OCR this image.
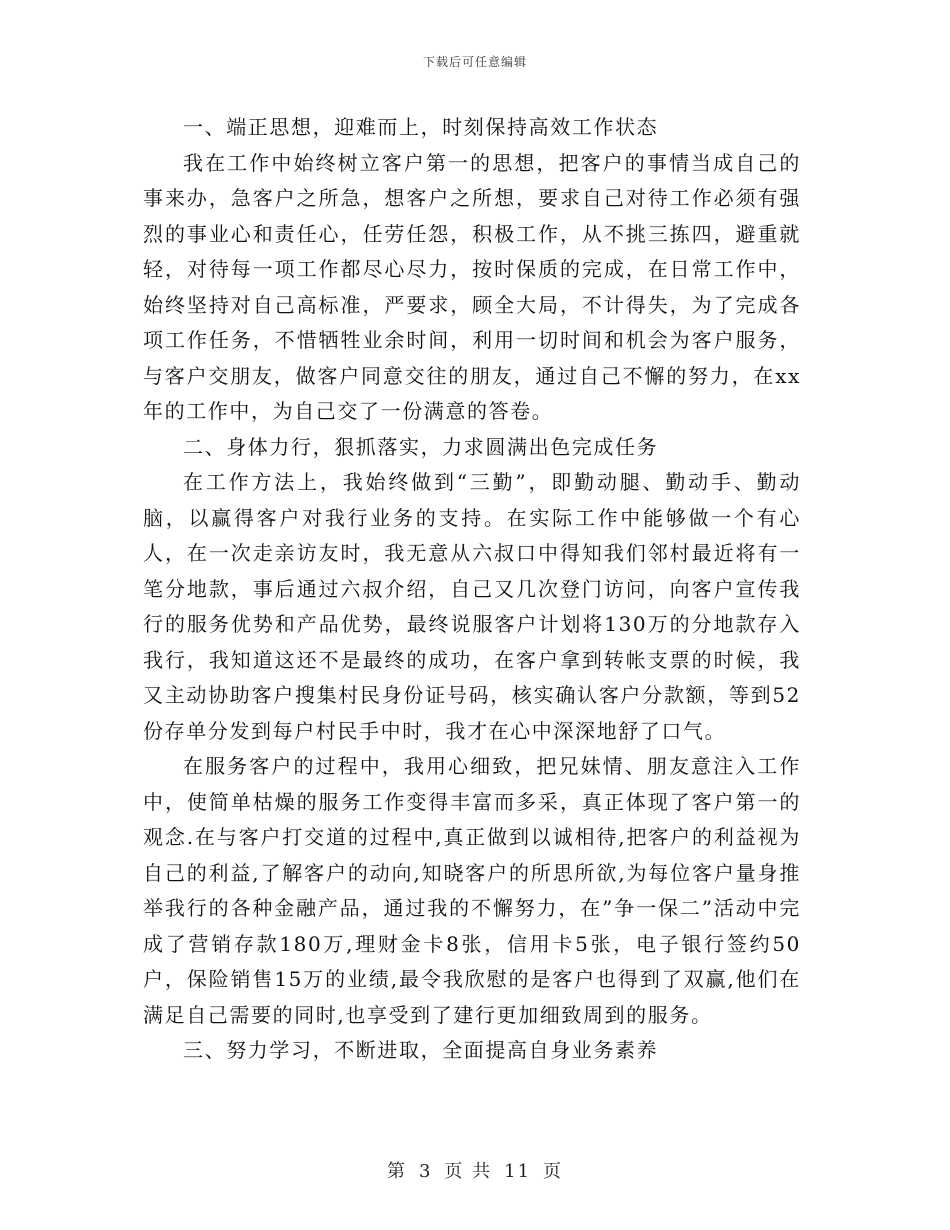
下载后可任意编辑

一、端正思想，迎难而上，时刻保持高效工作状态

我在工作中始终树立客户第一的思想，把客户的事情当成自己的事来办，急客户之所急，想客户之所想，要求自己对待工作必须有强烈的事业心和责任心，任劳任怨，积极工作，从不挑三拣四，避重就轻，对待每一项工作都尽心尽力，按时保质的完成，在日常工作中，始终坚持对自己高标准，严要求，顾全大局，不计得失，为了完成各项工作任务，不惜牺牲业余时间，利用一切时间和机会为客户服务，与客户交朋友，做客户同意交往的朋友，通过自己不懈的努力，在xx年的工作中，为自己交了一份满意的答卷。

二、身体力行，狠抓落实，力求圆满出色完成任务

在工作方法上，我始终做到“三勤”，即勤动腿、勤动手、勤动脑，以赢得客户对我行业务的支持。在实际工作中能够做一个有心人，在一次走亲访友时，我无意从六叔口中得知我们邻村最近将有一笔分地款，事后通过六叔介绍，自己又几次登门访问，向客户宣传我行的服务优势和产品优势，最终说服客户计划将130万的分地款存入我行，我知道这还不是最终的成功，在客户拿到转帐支票的时候，我又主动协助客户搜集村民身份证号码，核实确认客户分款额，等到52份存单分发到每户村民手中时，我才在心中深深地舒了口气。

在服务客户的过程中，我用心细致，把兄妹情、朋友意注入工作中，使简单枯燥的服务工作变得丰富而多采，真正体现了客户第一的观念.在与客户打交道的过程中,真正做到以诚相待,把客户的利益视为自己的利益,了解客户的动向,知晓客户的所思所欲,为每位客户量身推举我行的各种金融产品，通过我的不懈努力，在”争一保二”活动中完成了营销存款180万,理财金卡8张，信用卡5张，电子银行签约50户，保险销售15万的业绩,最令我欣慰的是客户也得到了双赢,他们在满足自己需要的同时,也享受到了建行更加细致周到的服务。

三、努力学习，不断进取，全面提高自身业务素养

第 3 页 共 11 页
